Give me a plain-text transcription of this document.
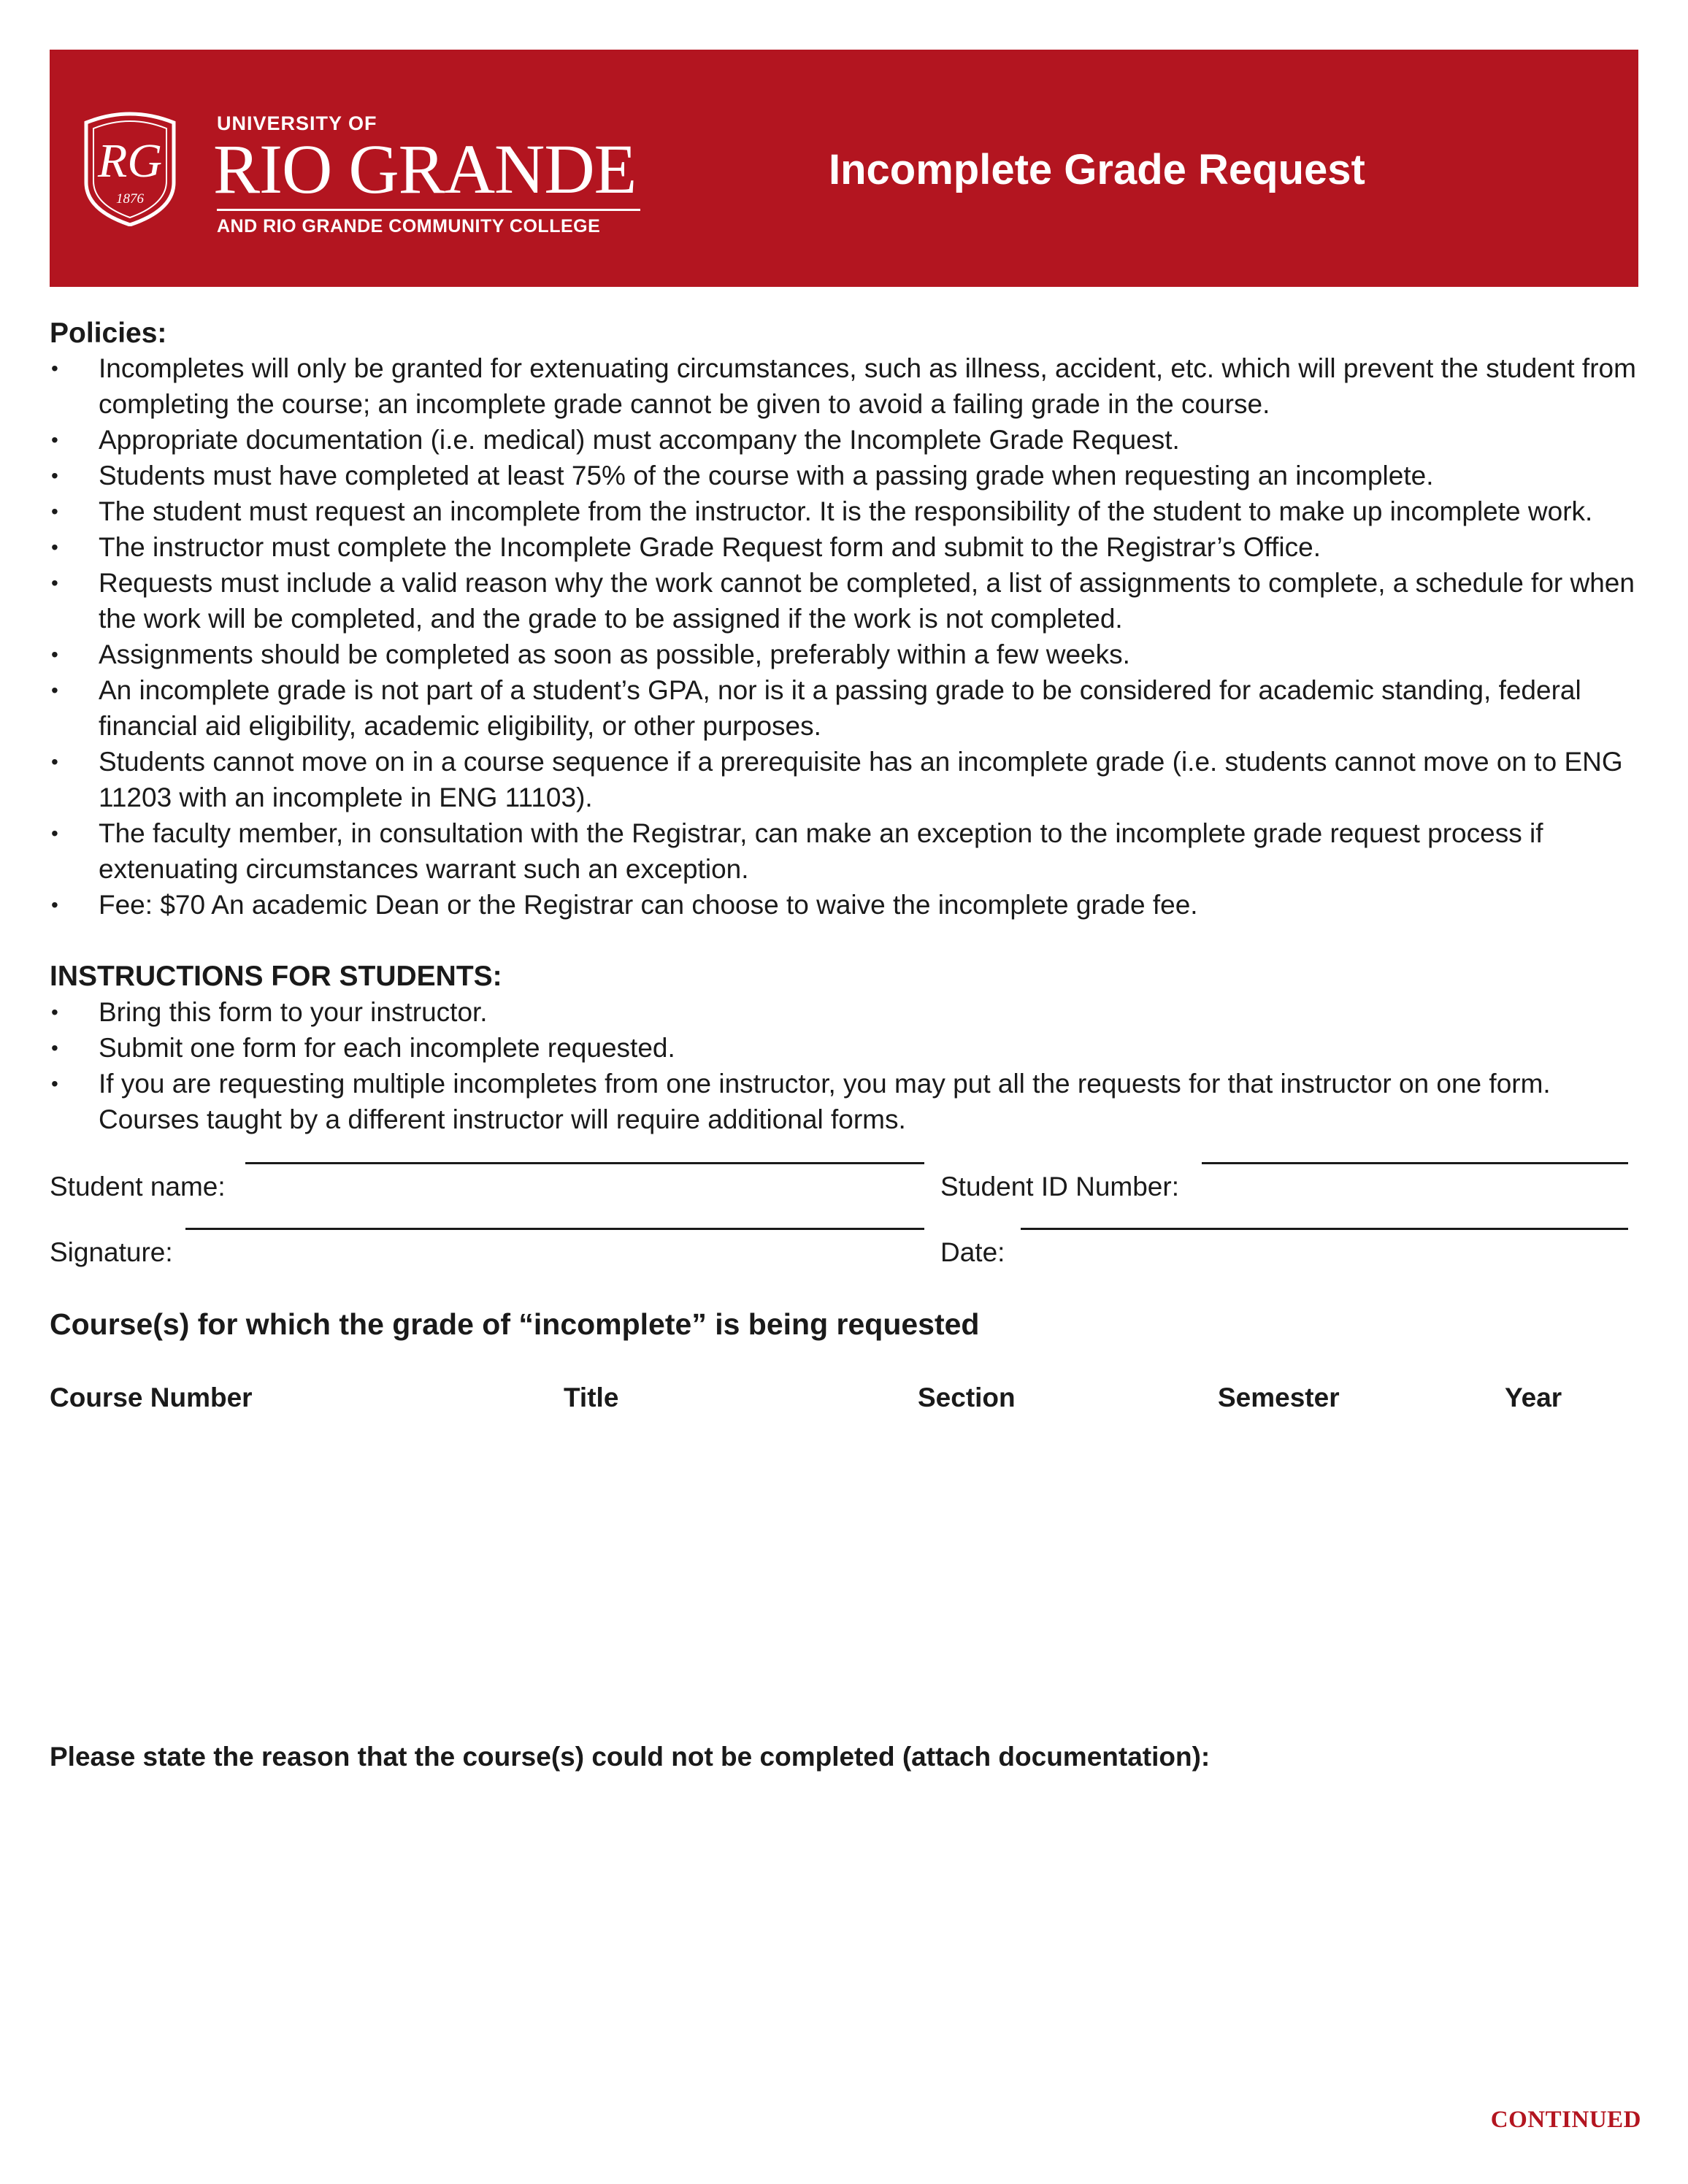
RG
1876
UNIVERSITY OF
RIO GRANDE
AND RIO GRANDE COMMUNITY COLLEGE
Incomplete Grade Request
Policies:
• Incompletes will only be granted for extenuating circumstances, such as illness, accident, etc. which will prevent the student from completing the course; an incomplete grade cannot be given to avoid a failing grade in the course.
• Appropriate documentation (i.e. medical) must accompany the Incomplete Grade Request.
• Students must have completed at least 75% of the course with a passing grade when requesting an incomplete.
• The student must request an incomplete from the instructor. It is the responsibility of the student to make up incomplete work.
• The instructor must complete the Incomplete Grade Request form and submit to the Registrar’s Office.
• Requests must include a valid reason why the work cannot be completed, a list of assignments to complete, a schedule for when the work will be completed, and the grade to be assigned if the work is not completed.
• Assignments should be completed as soon as possible, preferably within a few weeks.
• An incomplete grade is not part of a student’s GPA, nor is it a passing grade to be considered for academic standing, federal financial aid eligibility, academic eligibility, or other purposes.
• Students cannot move on in a course sequence if a prerequisite has an incomplete grade (i.e. students cannot move on to ENG 11203 with an incomplete in ENG 11103).
• The faculty member, in consultation with the Registrar, can make an exception to the incomplete grade request process if extenuating circumstances warrant such an exception.
• Fee: $70 An academic Dean or the Registrar can choose to waive the incomplete grade fee.
INSTRUCTIONS FOR STUDENTS:
• Bring this form to your instructor.
• Submit one form for each incomplete requested.
• If you are requesting multiple incompletes from one instructor, you may put all the requests for that instructor on one form. Courses taught by a different instructor will require additional forms.
Student name:	Student ID Number:
Signature:	Date:
Course(s) for which the grade of “incomplete” is being requested
Course Number	Title	Section	Semester	Year
Please state the reason that the course(s) could not be completed (attach documentation):
CONTINUED
